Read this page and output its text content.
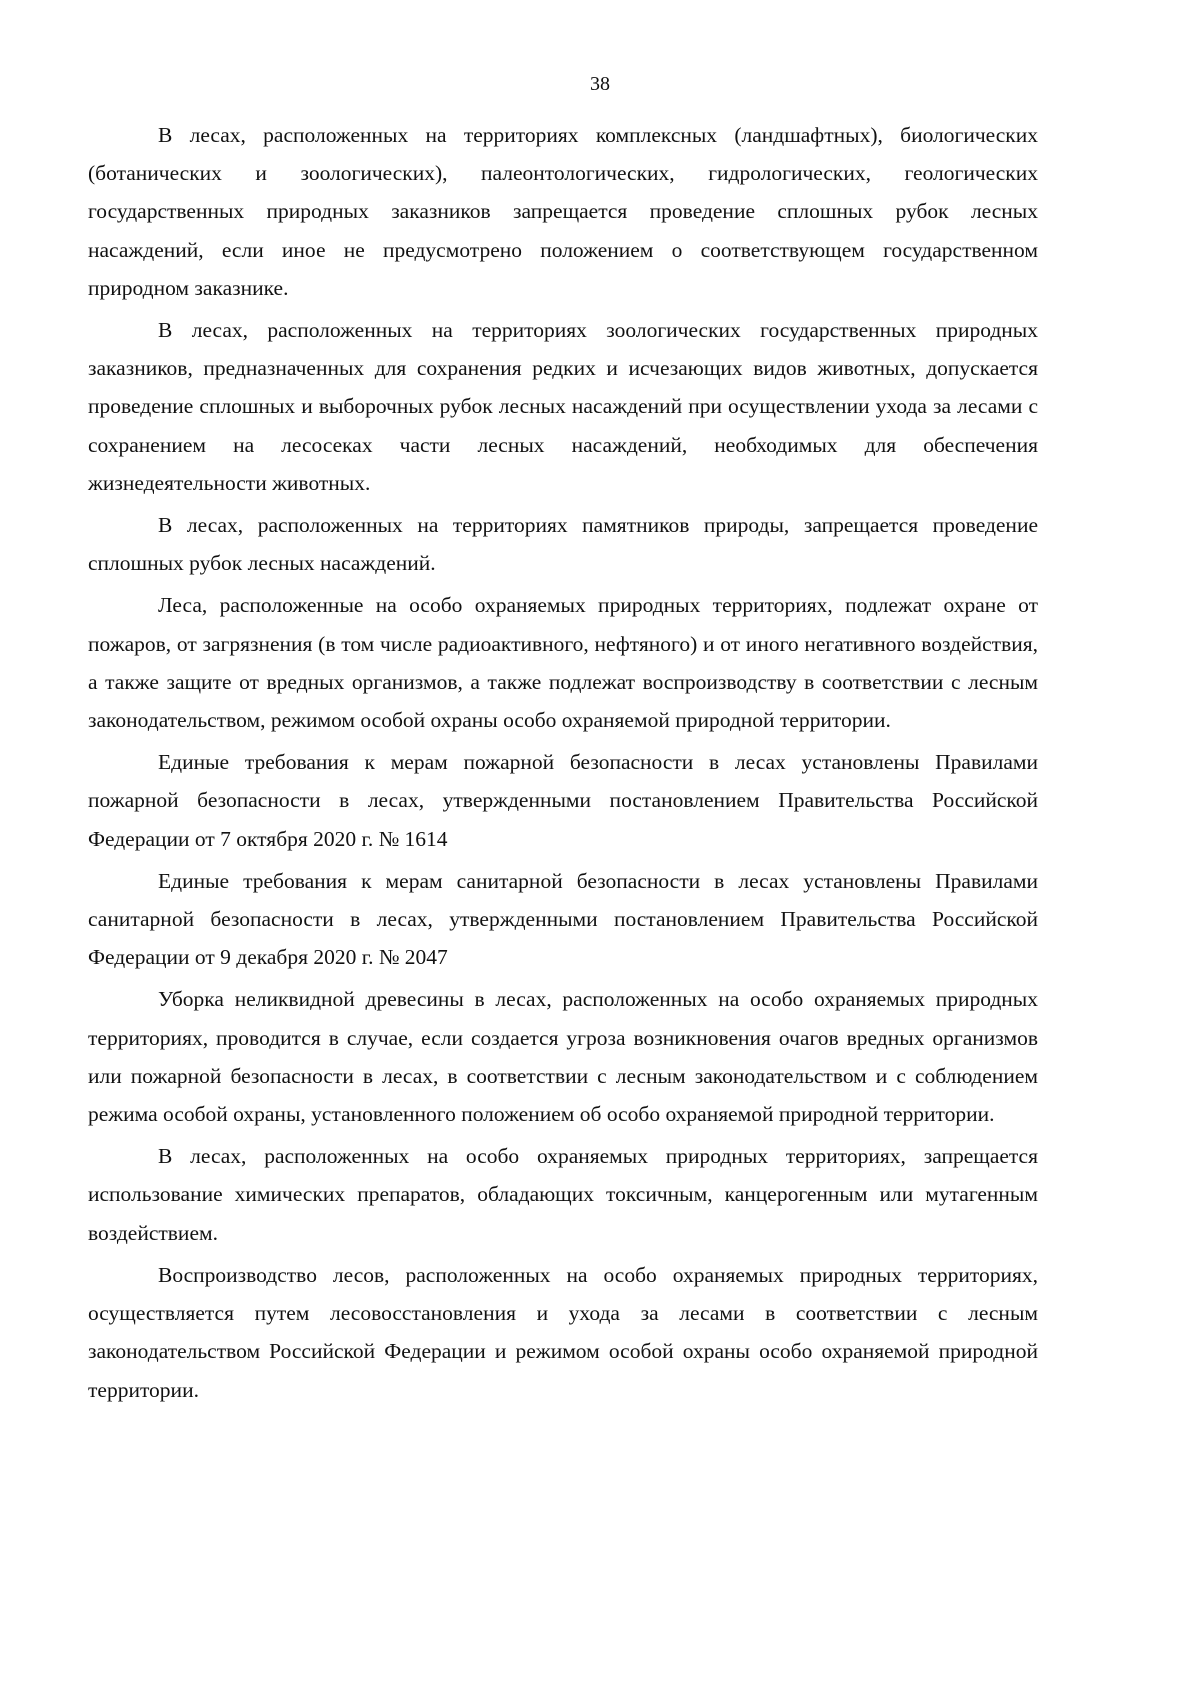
38

В лесах, расположенных на территориях комплексных (ландшафтных), биологических (ботанических и зоологических), палеонтологических, гидрологических, геологических государственных природных заказников запрещается проведение сплошных рубок лесных насаждений, если иное не предусмотрено положением о соответствующем государственном природном заказнике.

В лесах, расположенных на территориях зоологических государственных природных заказников, предназначенных для сохранения редких и исчезающих видов животных, допускается проведение сплошных и выборочных рубок лесных насаждений при осуществлении ухода за лесами с сохранением на лесосеках части лесных насаждений, необходимых для обеспечения жизнедеятельности животных.

В лесах, расположенных на территориях памятников природы, запрещается проведение сплошных рубок лесных насаждений.

Леса, расположенные на особо охраняемых природных территориях, подлежат охране от пожаров, от загрязнения (в том числе радиоактивного, нефтяного) и от иного негативного воздействия, а также защите от вредных организмов, а также подлежат воспроизводству в соответствии с лесным законодательством, режимом особой охраны особо охраняемой природной территории.

Единые требования к мерам пожарной безопасности в лесах установлены Правилами пожарной безопасности в лесах, утвержденными постановлением Правительства Российской Федерации от 7 октября 2020 г. № 1614

Единые требования к мерам санитарной безопасности в лесах установлены Правилами санитарной безопасности в лесах, утвержденными постановлением Правительства Российской Федерации от 9 декабря 2020 г. № 2047

Уборка неликвидной древесины в лесах, расположенных на особо охраняемых природных территориях, проводится в случае, если создается угроза возникновения очагов вредных организмов или пожарной безопасности в лесах, в соответствии с лесным законодательством и с соблюдением режима особой охраны, установленного положением об особо охраняемой природной территории.

В лесах, расположенных на особо охраняемых природных территориях, запрещается использование химических препаратов, обладающих токсичным, канцерогенным или мутагенным воздействием.

Воспроизводство лесов, расположенных на особо охраняемых природных территориях, осуществляется путем лесовосстановления и ухода за лесами в соответствии с лесным законодательством Российской Федерации и режимом особой охраны особо охраняемой природной территории.
